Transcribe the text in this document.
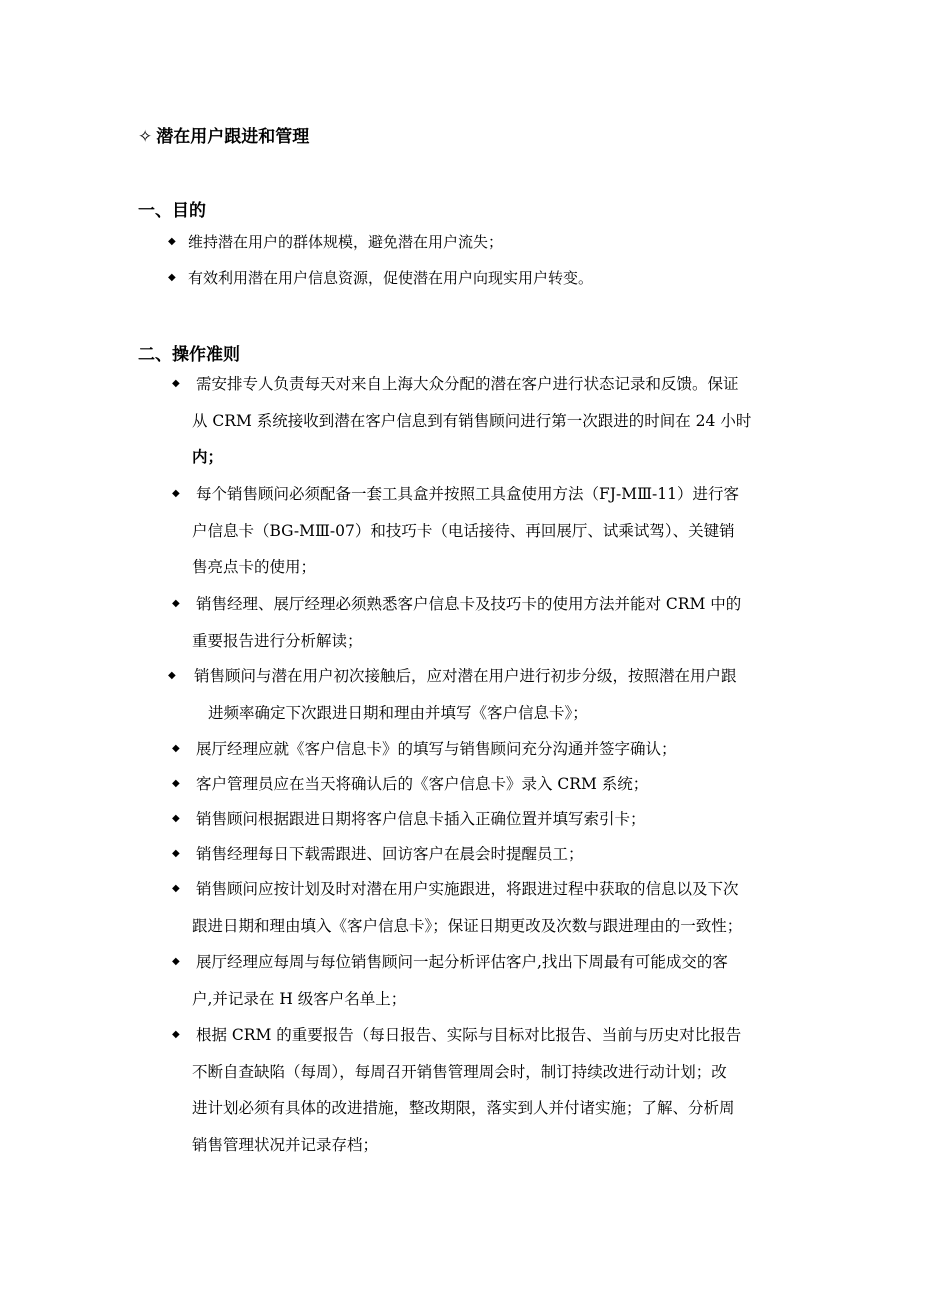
✧ 潜在用户跟进和管理
一、目的
◆ 维持潜在用户的群体规模，避免潜在用户流失；
◆ 有效利用潜在用户信息资源，促使潜在用户向现实用户转变。
二、操作准则
◆ 需安排专人负责每天对来自上海大众分配的潜在客户进行状态记录和反馈。保证
从 CRM 系统接收到潜在客户信息到有销售顾问进行第一次跟进的时间在 24 小时
内；
◆ 每个销售顾问必须配备一套工具盒并按照工具盒使用方法（FJ-MⅢ-11）进行客
户信息卡（BG-MⅢ-07）和技巧卡（电话接待、再回展厅、试乘试驾）、关键销
售亮点卡的使用；
◆ 销售经理、展厅经理必须熟悉客户信息卡及技巧卡的使用方法并能对 CRM 中的
重要报告进行分析解读；
◆ 销售顾问与潜在用户初次接触后，应对潜在用户进行初步分级，按照潜在用户跟
进频率确定下次跟进日期和理由并填写《客户信息卡》；
◆ 展厅经理应就《客户信息卡》的填写与销售顾问充分沟通并签字确认；
◆ 客户管理员应在当天将确认后的《客户信息卡》录入 CRM 系统；
◆ 销售顾问根据跟进日期将客户信息卡插入正确位置并填写索引卡；
◆ 销售经理每日下载需跟进、回访客户在晨会时提醒员工；
◆ 销售顾问应按计划及时对潜在用户实施跟进，将跟进过程中获取的信息以及下次
跟进日期和理由填入《客户信息卡》；保证日期更改及次数与跟进理由的一致性；
◆ 展厅经理应每周与每位销售顾问一起分析评估客户,找出下周最有可能成交的客
户,并记录在 H 级客户名单上；
◆ 根据 CRM 的重要报告（每日报告、实际与目标对比报告、当前与历史对比报告
不断自查缺陷（每周），每周召开销售管理周会时，制订持续改进行动计划；改
进计划必须有具体的改进措施，整改期限，落实到人并付诸实施；了解、分析周
销售管理状况并记录存档；
